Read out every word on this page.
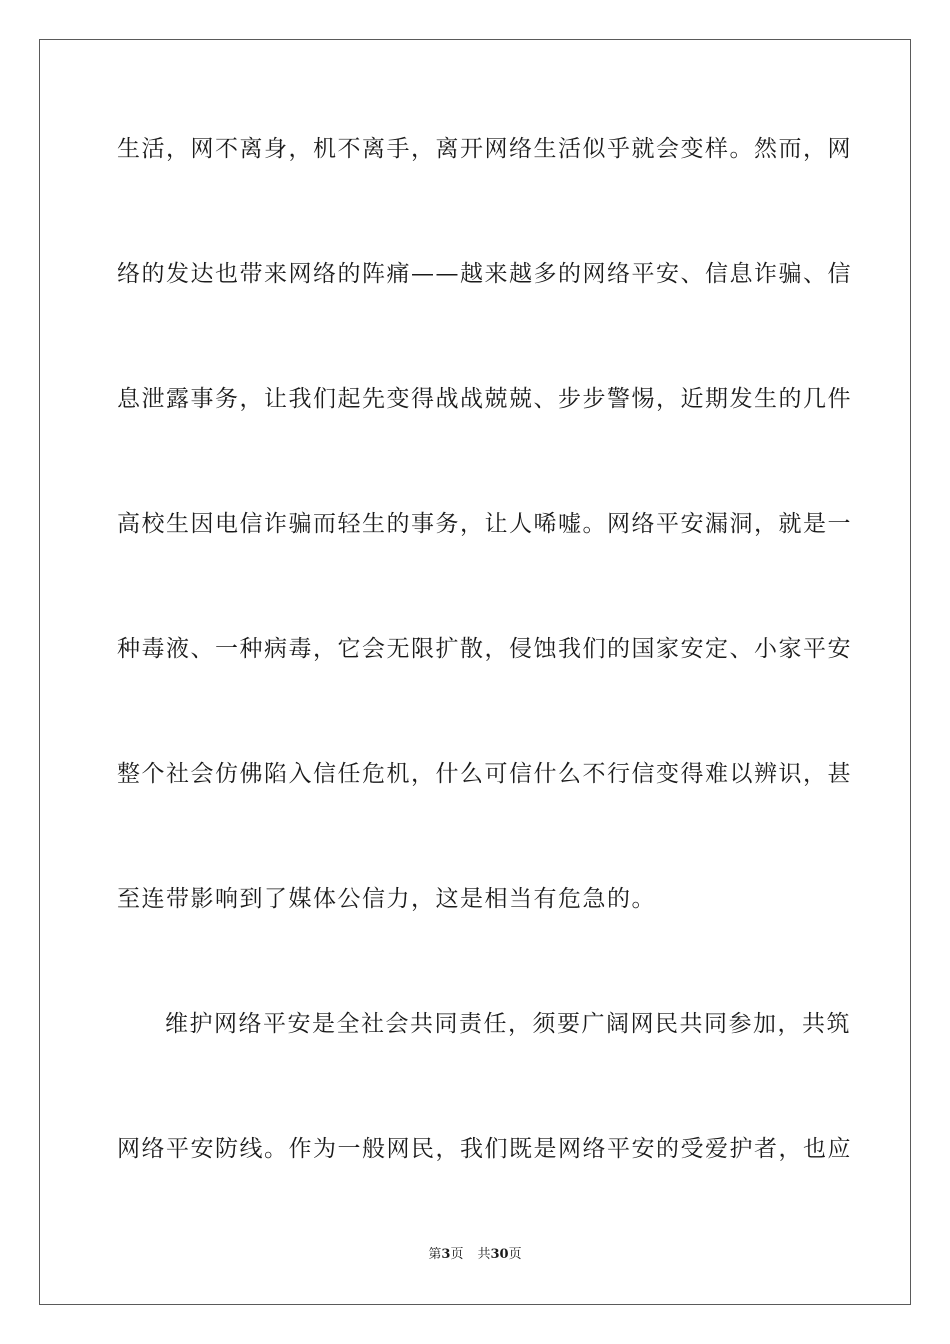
生活，网不离身，机不离手，离开网络生活似乎就会变样。然而，网
络的发达也带来网络的阵痛——越来越多的网络平安、信息诈骗、信
息泄露事务，让我们起先变得战战兢兢、步步警惕，近期发生的几件
高校生因电信诈骗而轻生的事务，让人唏嘘。网络平安漏洞，就是一
种毒液、一种病毒，它会无限扩散，侵蚀我们的国家安定、小家平安
整个社会仿佛陷入信任危机，什么可信什么不行信变得难以辨识，甚
至连带影响到了媒体公信力，这是相当有危急的。
维护网络平安是全社会共同责任，须要广阔网民共同参加，共筑
网络平安防线。作为一般网民，我们既是网络平安的受爱护者，也应
第3页 共30页
